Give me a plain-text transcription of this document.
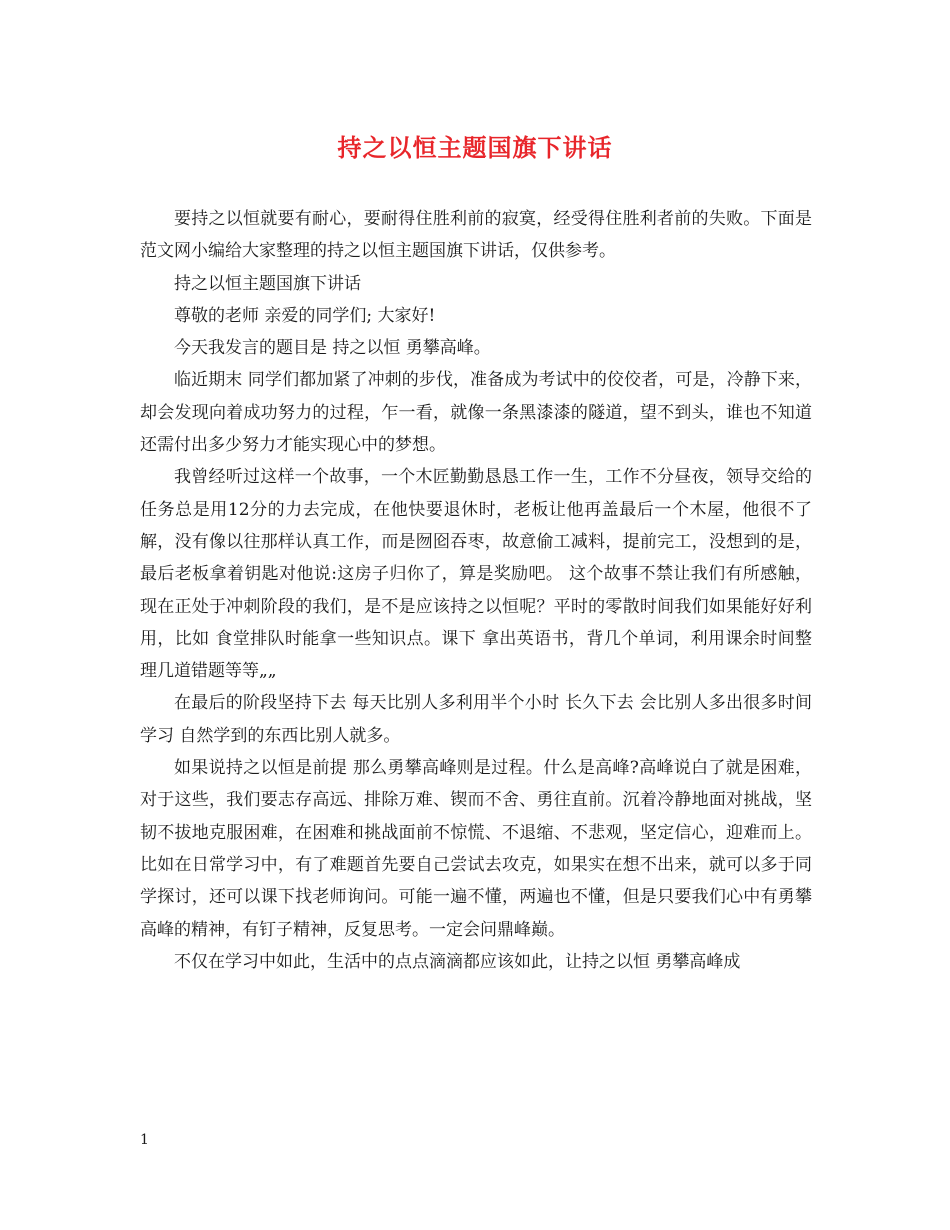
持之以恒主题国旗下讲话

要持之以恒就要有耐心，要耐得住胜利前的寂寞，经受得住胜利者前的失败。下面是范文网小编给大家整理的持之以恒主题国旗下讲话，仅供参考。

持之以恒主题国旗下讲话

尊敬的老师 亲爱的同学们; 大家好!

今天我发言的题目是 持之以恒 勇攀高峰。

临近期末 同学们都加紧了冲刺的步伐，准备成为考试中的佼佼者，可是，冷静下来，却会发现向着成功努力的过程，乍一看，就像一条黑漆漆的隧道，望不到头，谁也不知道还需付出多少努力才能实现心中的梦想。

我曾经听过这样一个故事，一个木匠勤勤恳恳工作一生，工作不分昼夜，领导交给的任务总是用12分的力去完成，在他快要退休时，老板让他再盖最后一个木屋，他很不了解，没有像以往那样认真工作，而是囫囵吞枣，故意偷工减料，提前完工，没想到的是，最后老板拿着钥匙对他说:这房子归你了，算是奖励吧。 这个故事不禁让我们有所感触，现在正处于冲刺阶段的我们，是不是应该持之以恒呢？平时的零散时间我们如果能好好利用，比如 食堂排队时能拿一些知识点。课下 拿出英语书，背几个单词，利用课余时间整理几道错题等等„„

在最后的阶段坚持下去 每天比别人多利用半个小时 长久下去 会比别人多出很多时间学习 自然学到的东西比别人就多。

如果说持之以恒是前提 那么勇攀高峰则是过程。什么是高峰?高峰说白了就是困难，对于这些，我们要志存高远、排除万难、锲而不舍、勇往直前。沉着冷静地面对挑战，坚韧不拔地克服困难，在困难和挑战面前不惊慌、不退缩、不悲观，坚定信心，迎难而上。比如在日常学习中，有了难题首先要自己尝试去攻克，如果实在想不出来，就可以多于同学探讨，还可以课下找老师询问。可能一遍不懂，两遍也不懂，但是只要我们心中有勇攀高峰的精神，有钉子精神，反复思考。一定会问鼎峰巅。

不仅在学习中如此，生活中的点点滴滴都应该如此，让持之以恒 勇攀高峰成

1
